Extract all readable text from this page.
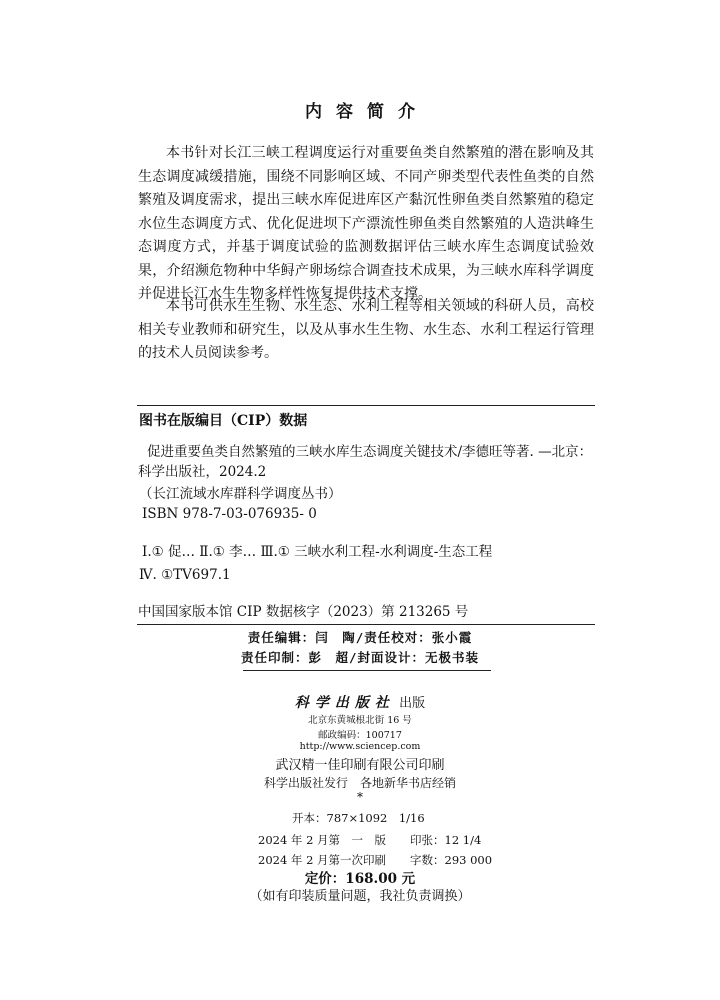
内容简介

本书针对长江三峡工程调度运行对重要鱼类自然繁殖的潜在影响及其生态调度减缓措施，围绕不同影响区域、不同产卵类型代表性鱼类的自然繁殖及调度需求，提出三峡水库促进库区产黏沉性卵鱼类自然繁殖的稳定水位生态调度方式、优化促进坝下产漂流性卵鱼类自然繁殖的人造洪峰生态调度方式，并基于调度试验的监测数据评估三峡水库生态调度试验效果，介绍濒危物种中华鲟产卵场综合调查技术成果，为三峡水库科学调度并促进长江水生生物多样性恢复提供技术支撑。

本书可供水生生物、水生态、水利工程等相关领域的科研人员，高校相关专业教师和研究生，以及从事水生生物、水生态、水利工程运行管理的技术人员阅读参考。

图书在版编目（CIP）数据
促进重要鱼类自然繁殖的三峡水库生态调度关键技术/李德旺等著. —北京：
科学出版社，2024.2
（长江流域水库群科学调度丛书）
ISBN 978-7-03-076935- 0
Ⅰ.① 促… Ⅱ.① 李… Ⅲ.① 三峡水利工程-水利调度-生态工程
Ⅳ. ①TV697.1
中国国家版本馆 CIP 数据核字（2023）第 213265 号
责任编辑：闫　陶/责任校对：张小霞
责任印制：彭　超/封面设计：无极书装
科学出版社 出版
北京东黄城根北街 16 号
邮政编码：100717
http://www.sciencep.com
武汉精一佳印刷有限公司印刷
科学出版社发行　各地新华书店经销
*
开本：787×1092　1/16
2024 年 2 月第　一　版 印张：12 1/4
2024 年 2 月第一次印刷 字数：293 000
定价：168.00 元
（如有印装质量问题，我社负责调换）
